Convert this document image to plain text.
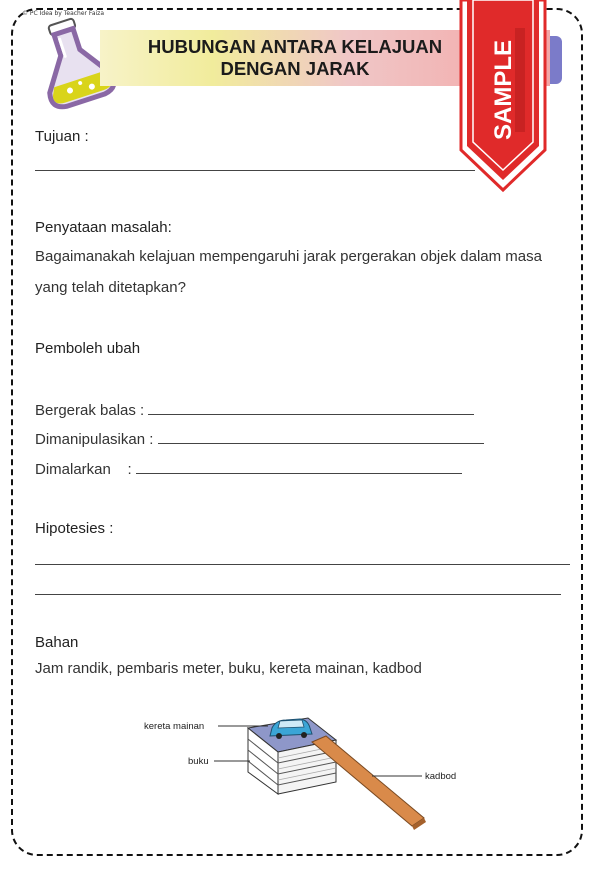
© PC Idea by Teacher Faiza
HUBUNGAN ANTARA KELAJUAN
DENGAN JARAK	SAMPLE
Tujuan :
Penyataan masalah:
Bagaimanakah kelajuan mempengaruhi jarak pergerakan objek dalam masa
yang telah ditetapkan?
Pemboleh ubah
Bergerak balas :
Dimanipulasikan :
Dimalarkan    :
Hipotesies :
Bahan
Jam randik, pembaris meter, buku, kereta mainan, kadbod
kereta mainan
buku
kadbod
